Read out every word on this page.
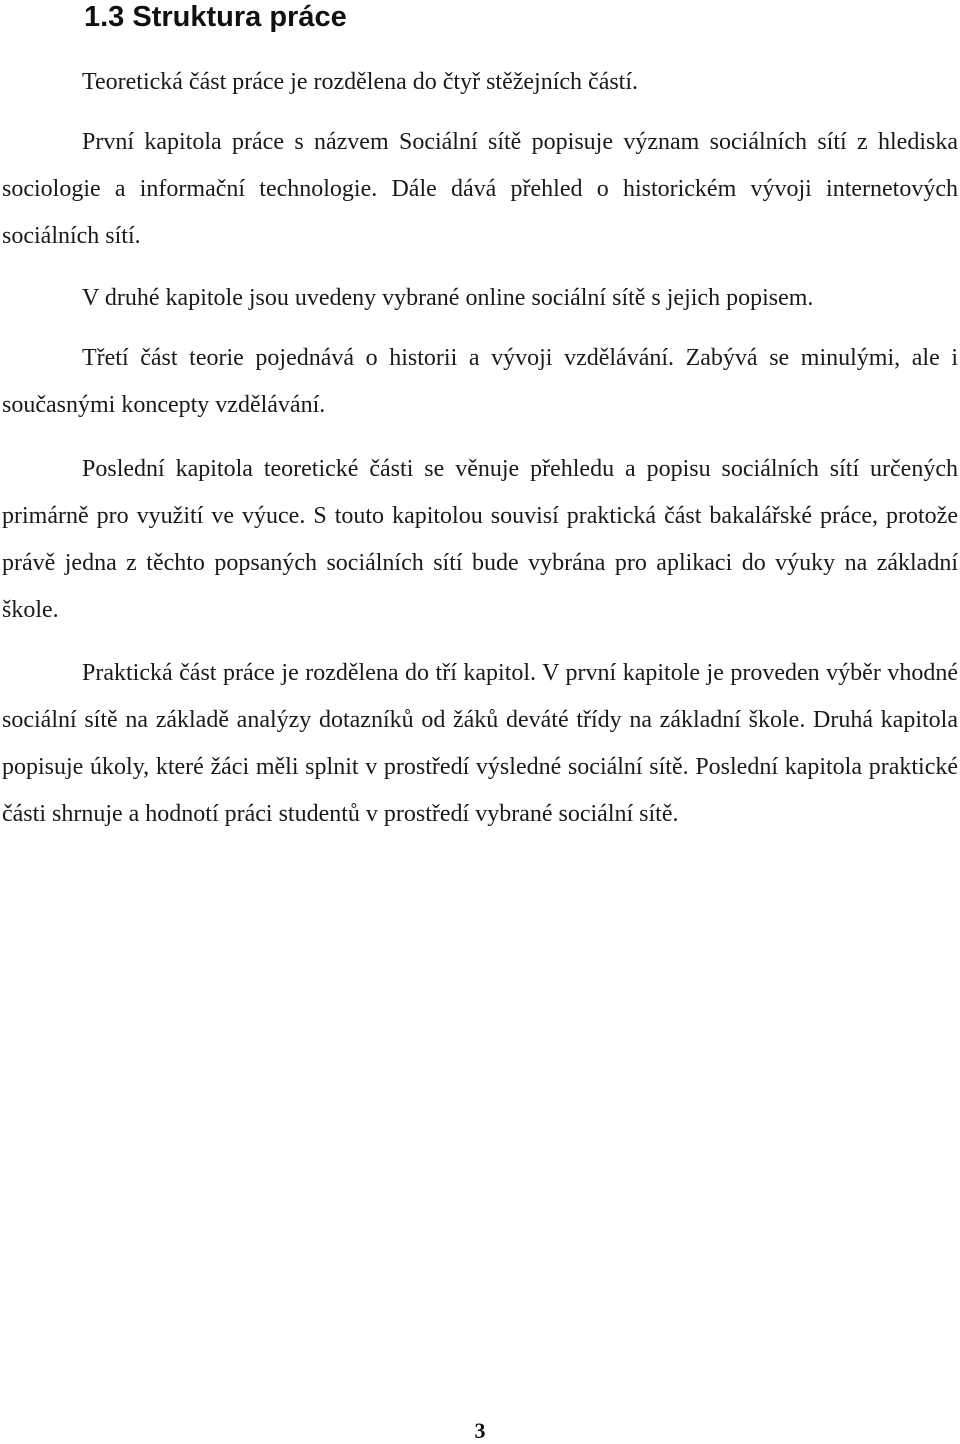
1.3 Struktura práce

Teoretická část práce je rozdělena do čtyř stěžejních částí.

První kapitola práce s názvem Sociální sítě popisuje význam sociálních sítí z hlediska sociologie a informační technologie. Dále dává přehled o historickém vývoji internetových sociálních sítí.

V druhé kapitole jsou uvedeny vybrané online sociální sítě s jejich popisem.

Třetí část teorie pojednává o historii a vývoji vzdělávání. Zabývá se minulými, ale i současnými koncepty vzdělávání.

Poslední kapitola teoretické části se věnuje přehledu a popisu sociálních sítí určených primárně pro využití ve výuce. S touto kapitolou souvisí praktická část bakalářské práce, protože právě jedna z těchto popsaných sociálních sítí bude vybrána pro aplikaci do výuky na základní škole.

Praktická část práce je rozdělena do tří kapitol. V první kapitole je proveden výběr vhodné sociální sítě na základě analýzy dotazníků od žáků deváté třídy na základní škole. Druhá kapitola popisuje úkoly, které žáci měli splnit v prostředí výsledné sociální sítě. Poslední kapitola praktické části shrnuje a hodnotí práci studentů v prostředí vybrané sociální sítě.

3
